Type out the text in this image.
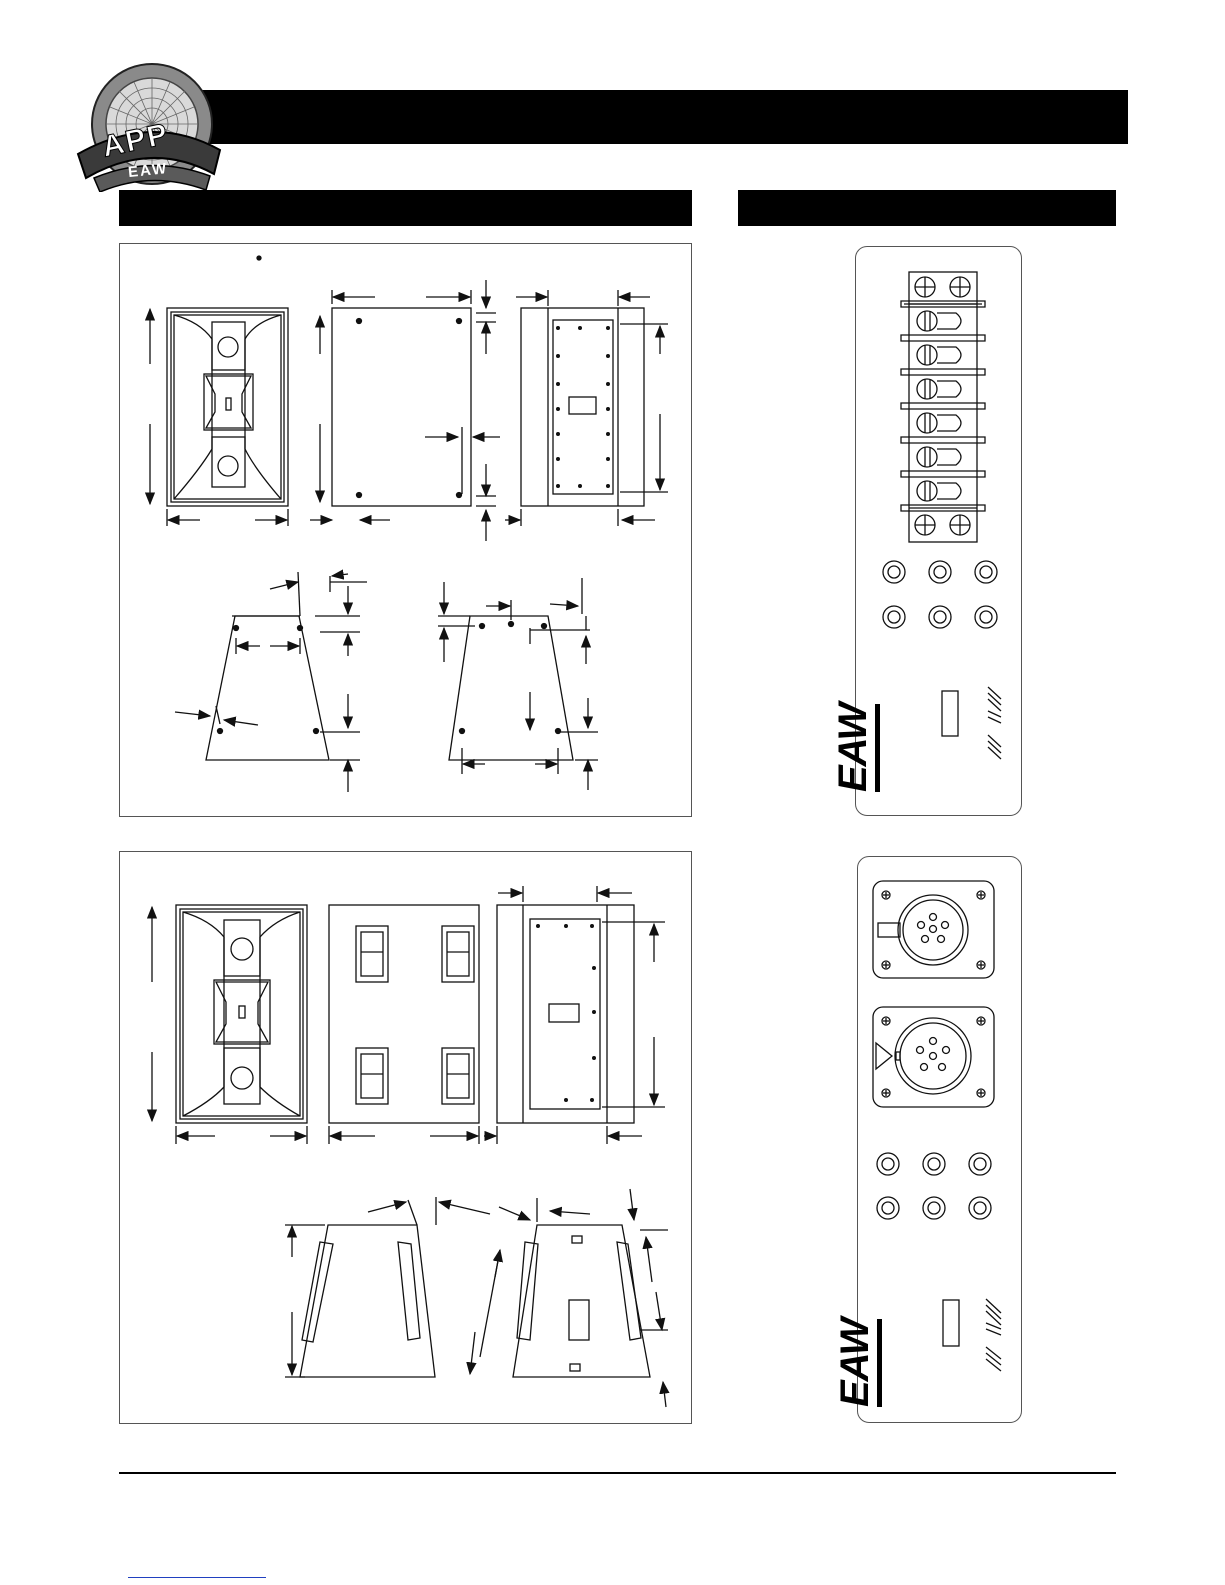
APP
EAW
EAW
EAW
